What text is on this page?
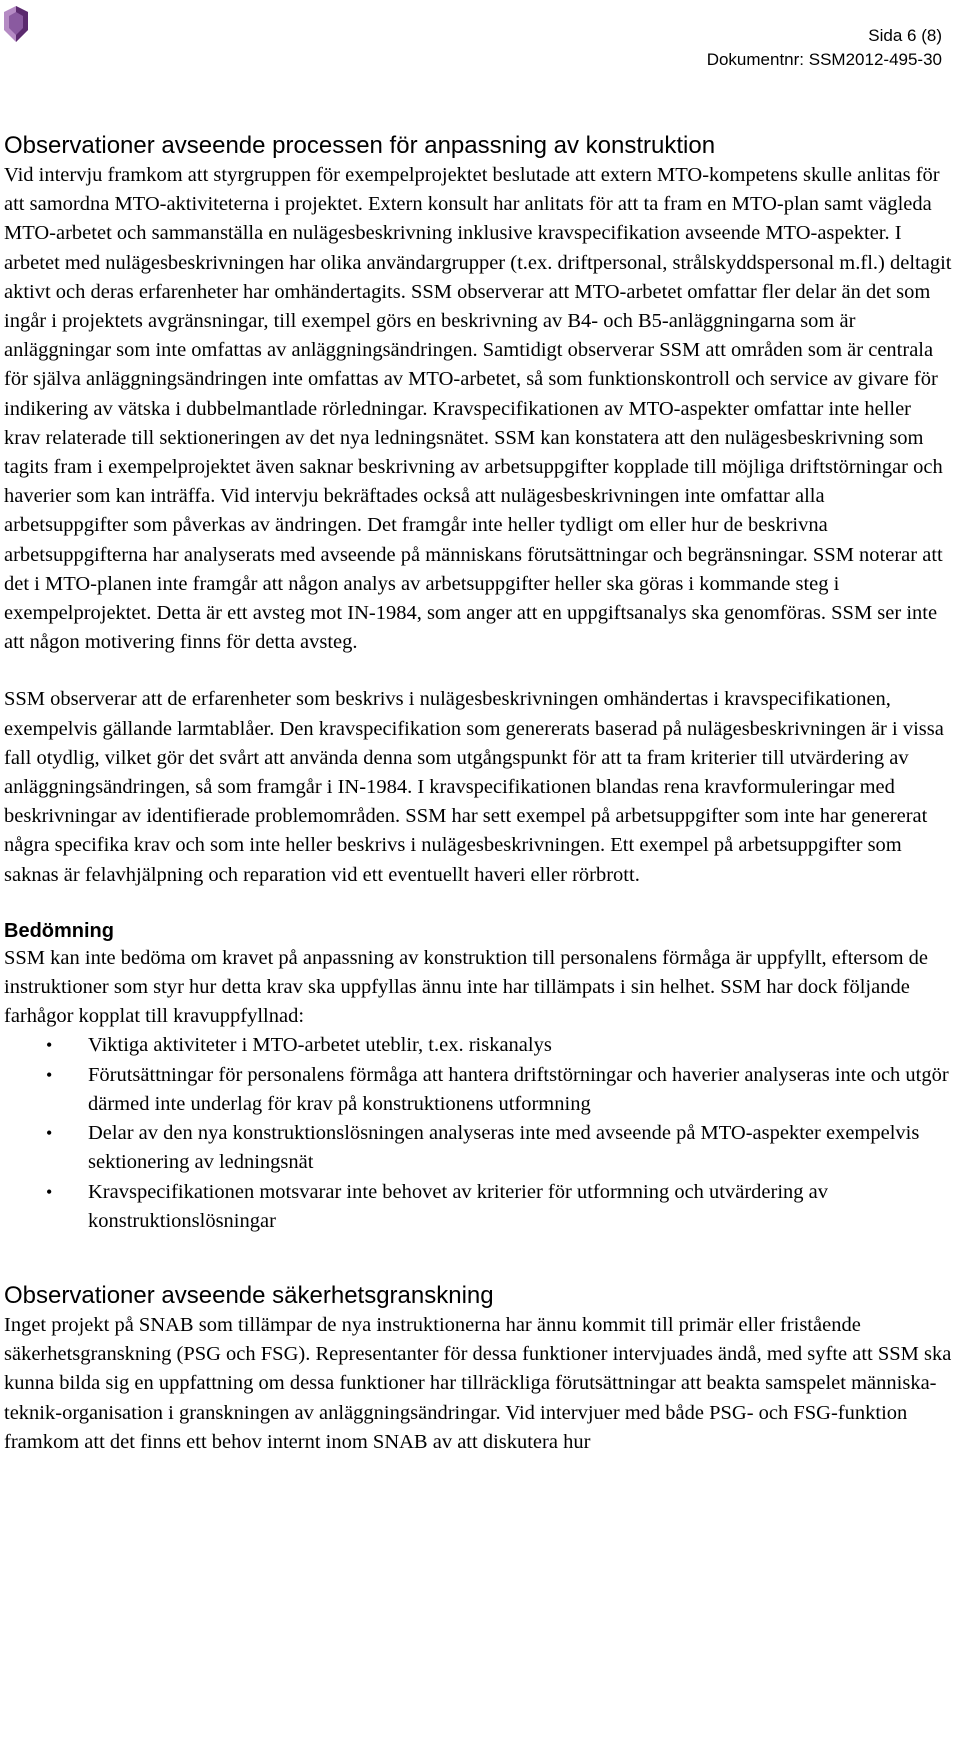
Sida 6 (8)
Dokumentnr: SSM2012-495-30
Observationer avseende processen för anpassning av konstruktion

Vid intervju framkom att styrgruppen för exempelprojektet beslutade att extern MTO-kompetens skulle anlitas för att samordna MTO-aktiviteterna i projektet. Extern konsult har anlitats för att ta fram en MTO-plan samt vägleda MTO-arbetet och sammanställa en nulägesbeskrivning inklusive kravspecifikation avseende MTO-aspekter. I arbetet med nulägesbeskrivningen har olika användargrupper (t.ex. driftpersonal, strålskyddspersonal m.fl.) deltagit aktivt och deras erfarenheter har omhändertagits. SSM observerar att MTO-arbetet omfattar fler delar än det som ingår i projektets avgränsningar, till exempel görs en beskrivning av B4- och B5-anläggningarna som är anläggningar som inte omfattas av anläggningsändringen. Samtidigt observerar SSM att områden som är centrala för själva anläggningsändringen inte omfattas av MTO-arbetet, så som funktionskontroll och service av givare för indikering av vätska i dubbelmantlade rörledningar. Kravspecifikationen av MTO-aspekter omfattar inte heller krav relaterade till sektioneringen av det nya ledningsnätet. SSM kan konstatera att den nulägesbeskrivning som tagits fram i exempelprojektet även saknar beskrivning av arbetsuppgifter kopplade till möjliga driftstörningar och haverier som kan inträffa. Vid intervju bekräftades också att nulägesbeskrivningen inte omfattar alla arbetsuppgifter som påverkas av ändringen. Det framgår inte heller tydligt om eller hur de beskrivna arbetsuppgifterna har analyserats med avseende på människans förutsättningar och begränsningar. SSM noterar att det i MTO-planen inte framgår att någon analys av arbetsuppgifter heller ska göras i kommande steg i exempelprojektet. Detta är ett avsteg mot IN-1984, som anger att en uppgiftsanalys ska genomföras. SSM ser inte att någon motivering finns för detta avsteg.

SSM observerar att de erfarenheter som beskrivs i nulägesbeskrivningen omhändertas i kravspecifikationen, exempelvis gällande larmtablåer. Den kravspecifikation som genererats baserad på nulägesbeskrivningen är i vissa fall otydlig, vilket gör det svårt att använda denna som utgångspunkt för att ta fram kriterier till utvärdering av anläggningsändringen, så som framgår i IN-1984. I kravspecifikationen blandas rena kravformuleringar med beskrivningar av identifierade problemområden. SSM har sett exempel på arbetsuppgifter som inte har genererat några specifika krav och som inte heller beskrivs i nulägesbeskrivningen. Ett exempel på arbetsuppgifter som saknas är felavhjälpning och reparation vid ett eventuellt haveri eller rörbrott.

Bedömning

SSM kan inte bedöma om kravet på anpassning av konstruktion till personalens förmåga är uppfyllt, eftersom de instruktioner som styr hur detta krav ska uppfyllas ännu inte har tillämpats i sin helhet. SSM har dock följande farhågor kopplat till kravuppfyllnad:

• Viktiga aktiviteter i MTO-arbetet uteblir, t.ex. riskanalys
• Förutsättningar för personalens förmåga att hantera driftstörningar och haverier analyseras inte och utgör därmed inte underlag för krav på konstruktionens utformning
• Delar av den nya konstruktionslösningen analyseras inte med avseende på MTO-aspekter exempelvis sektionering av ledningsnät
• Kravspecifikationen motsvarar inte behovet av kriterier för utformning och utvärdering av konstruktionslösningar
Observationer avseende säkerhetsgranskning

Inget projekt på SNAB som tillämpar de nya instruktionerna har ännu kommit till primär eller fristående säkerhetsgranskning (PSG och FSG). Representanter för dessa funktioner intervjuades ändå, med syfte att SSM ska kunna bilda sig en uppfattning om dessa funktioner har tillräckliga förutsättningar att beakta samspelet människa-teknik-organisation i granskningen av anläggningsändringar. Vid intervjuer med både PSG- och FSG-funktion framkom att det finns ett behov internt inom SNAB av att diskutera hur
